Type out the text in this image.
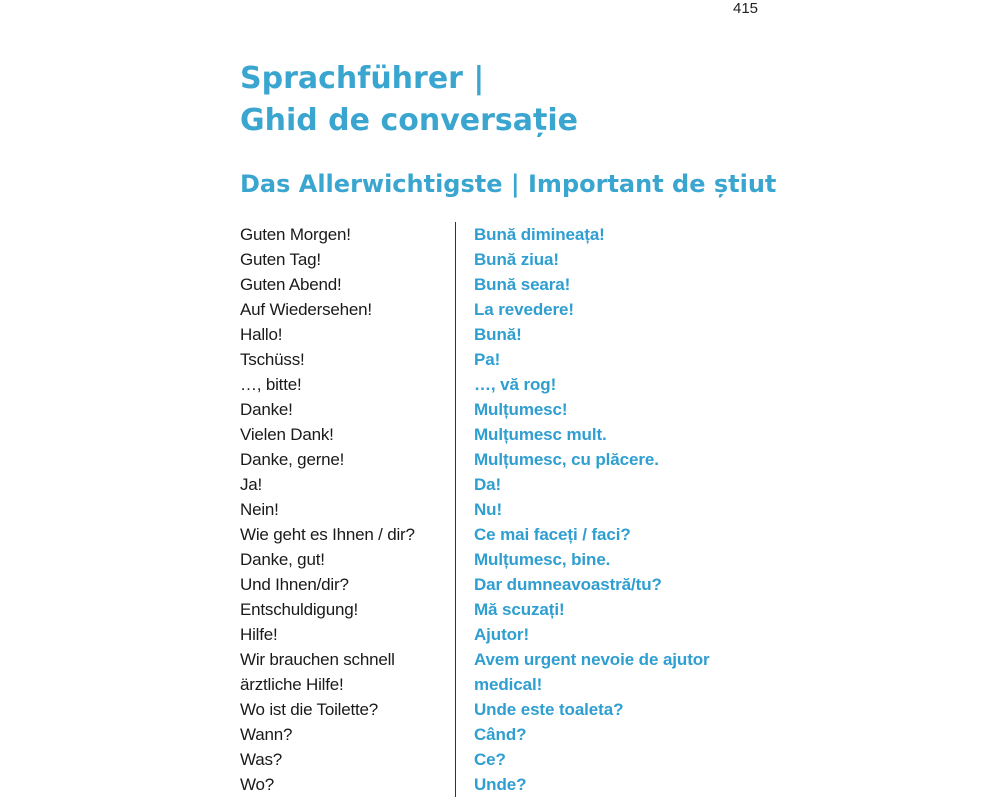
415
Sprachführer |
Ghid de conversație
Das Allerwichtigste | Important de știut
Guten Morgen!	Bună dimineața!
Guten Tag!	Bună ziua!
Guten Abend!	Bună seara!
Auf Wiedersehen!	La revedere!
Hallo!	Bună!
Tschüss!	Pa!
…, bitte!	…, vă rog!
Danke!	Mulțumesc!
Vielen Dank!	Mulțumesc mult.
Danke, gerne!	Mulțumesc, cu plăcere.
Ja!	Da!
Nein!	Nu!
Wie geht es Ihnen / dir?	Ce mai faceți / faci?
Danke, gut!	Mulțumesc, bine.
Und Ihnen/dir?	Dar dumneavoastră/tu?
Entschuldigung!	Mă scuzați!
Hilfe!	Ajutor!
Wir brauchen schnell	Avem urgent nevoie de ajutor
ärztliche Hilfe!	medical!
Wo ist die Toilette?	Unde este toaleta?
Wann?	Când?
Was?	Ce?
Wo?	Unde?
